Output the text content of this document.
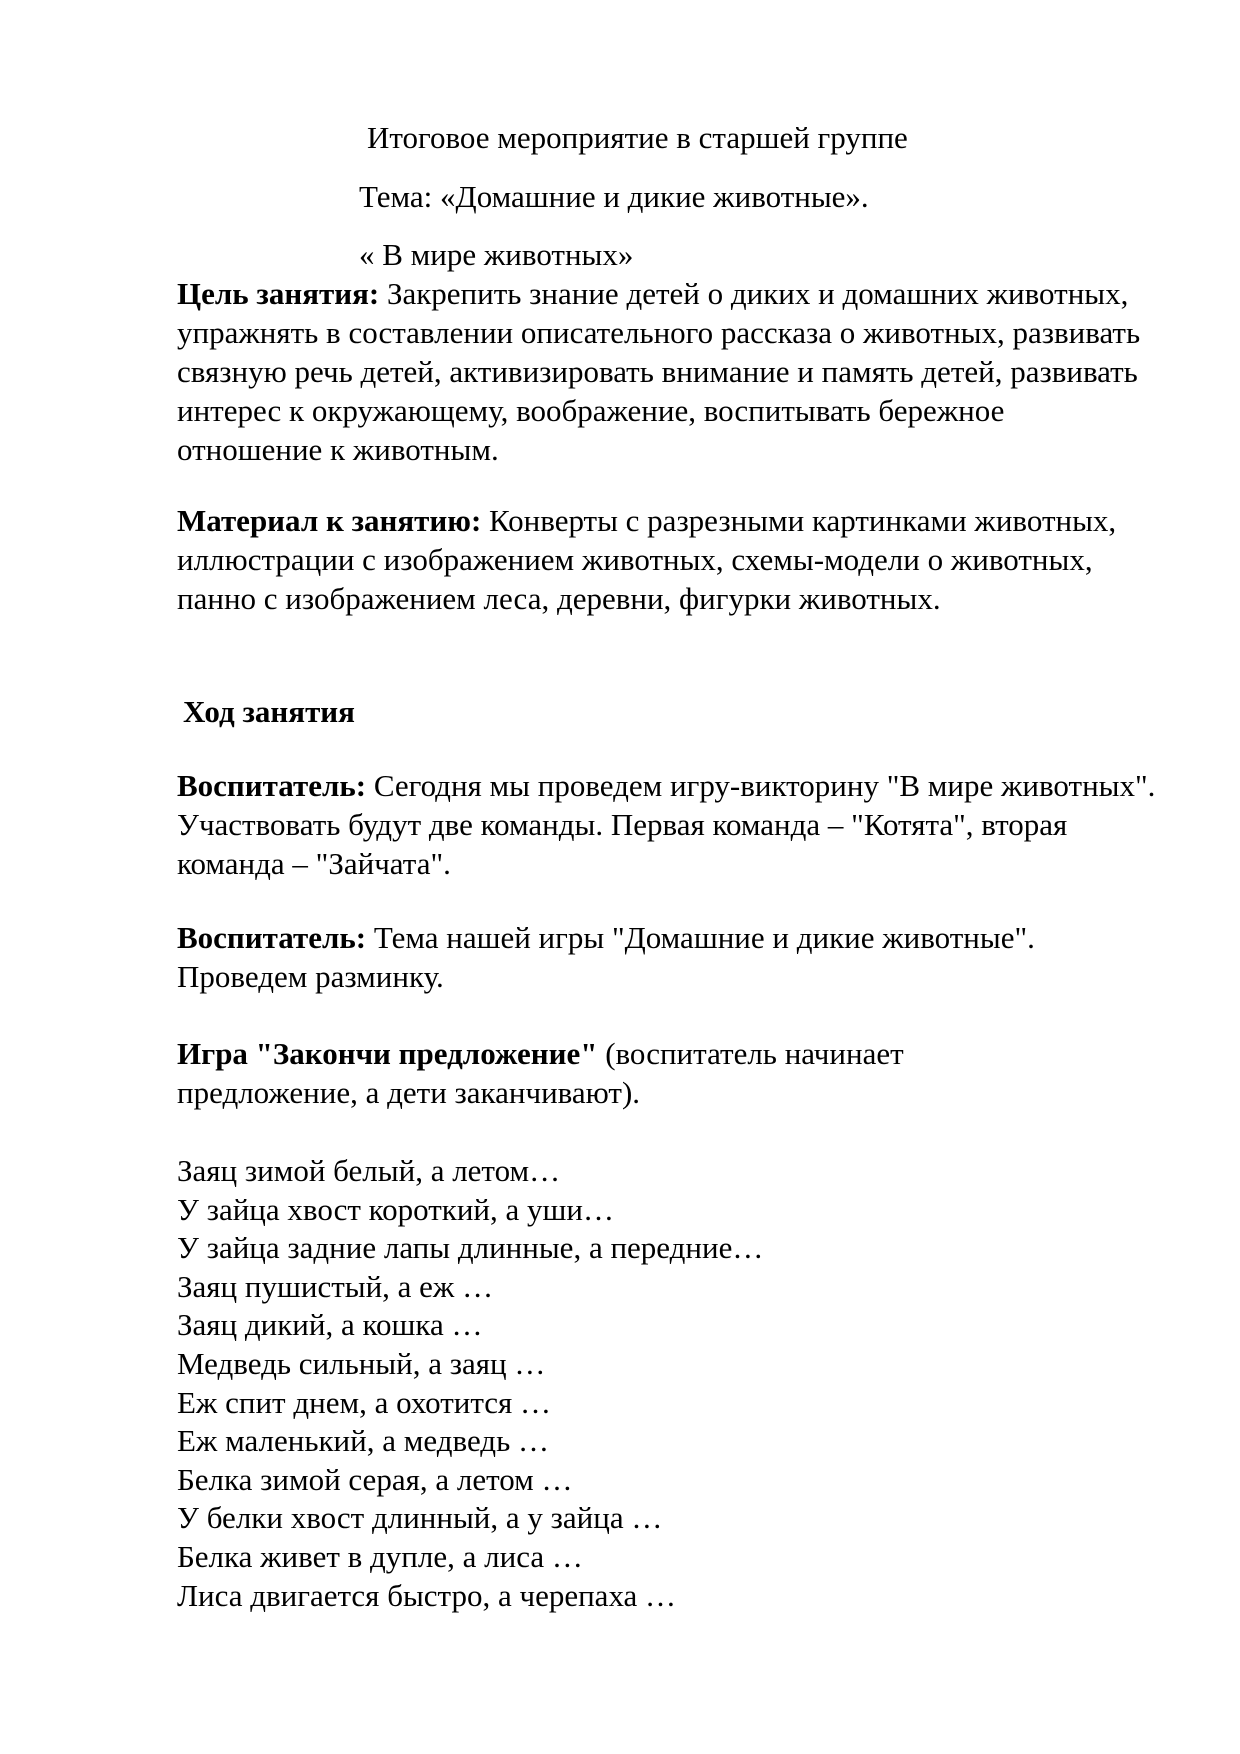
Итоговое мероприятие в старшей группе
Тема: «Домашние и дикие животные».
« В мире животных»
Цель занятия: Закрепить знание детей о диких и домашних животных, упражнять в составлении описательного рассказа о животных, развивать связную речь детей, активизировать внимание и память детей, развивать интерес к окружающему, воображение, воспитывать бережное отношение к животным.
Материал к занятию: Конверты с разрезными картинками животных, иллюстрации с изображением животных, схемы-модели о животных, панно с изображением леса, деревни, фигурки животных.
Ход занятия
Воспитатель: Сегодня мы проведем игру-викторину "В мире животных". Участвовать будут две команды. Первая команда – "Котята", вторая команда – "Зайчата".
Воспитатель: Тема нашей игры "Домашние и дикие животные". Проведем разминку.
Игра "Закончи предложение" (воспитатель начинает предложение, а дети заканчивают).
Заяц зимой белый, а летом…
У зайца хвост короткий, а уши…
У зайца задние лапы длинные, а передние…
Заяц пушистый, а еж …
Заяц дикий, а кошка …
Медведь сильный, а заяц …
Еж спит днем, а охотится …
Еж маленький, а медведь …
Белка зимой серая, а летом …
У белки хвост длинный, а у зайца …
Белка живет в дупле, а лиса …
Лиса двигается быстро, а черепаха …
